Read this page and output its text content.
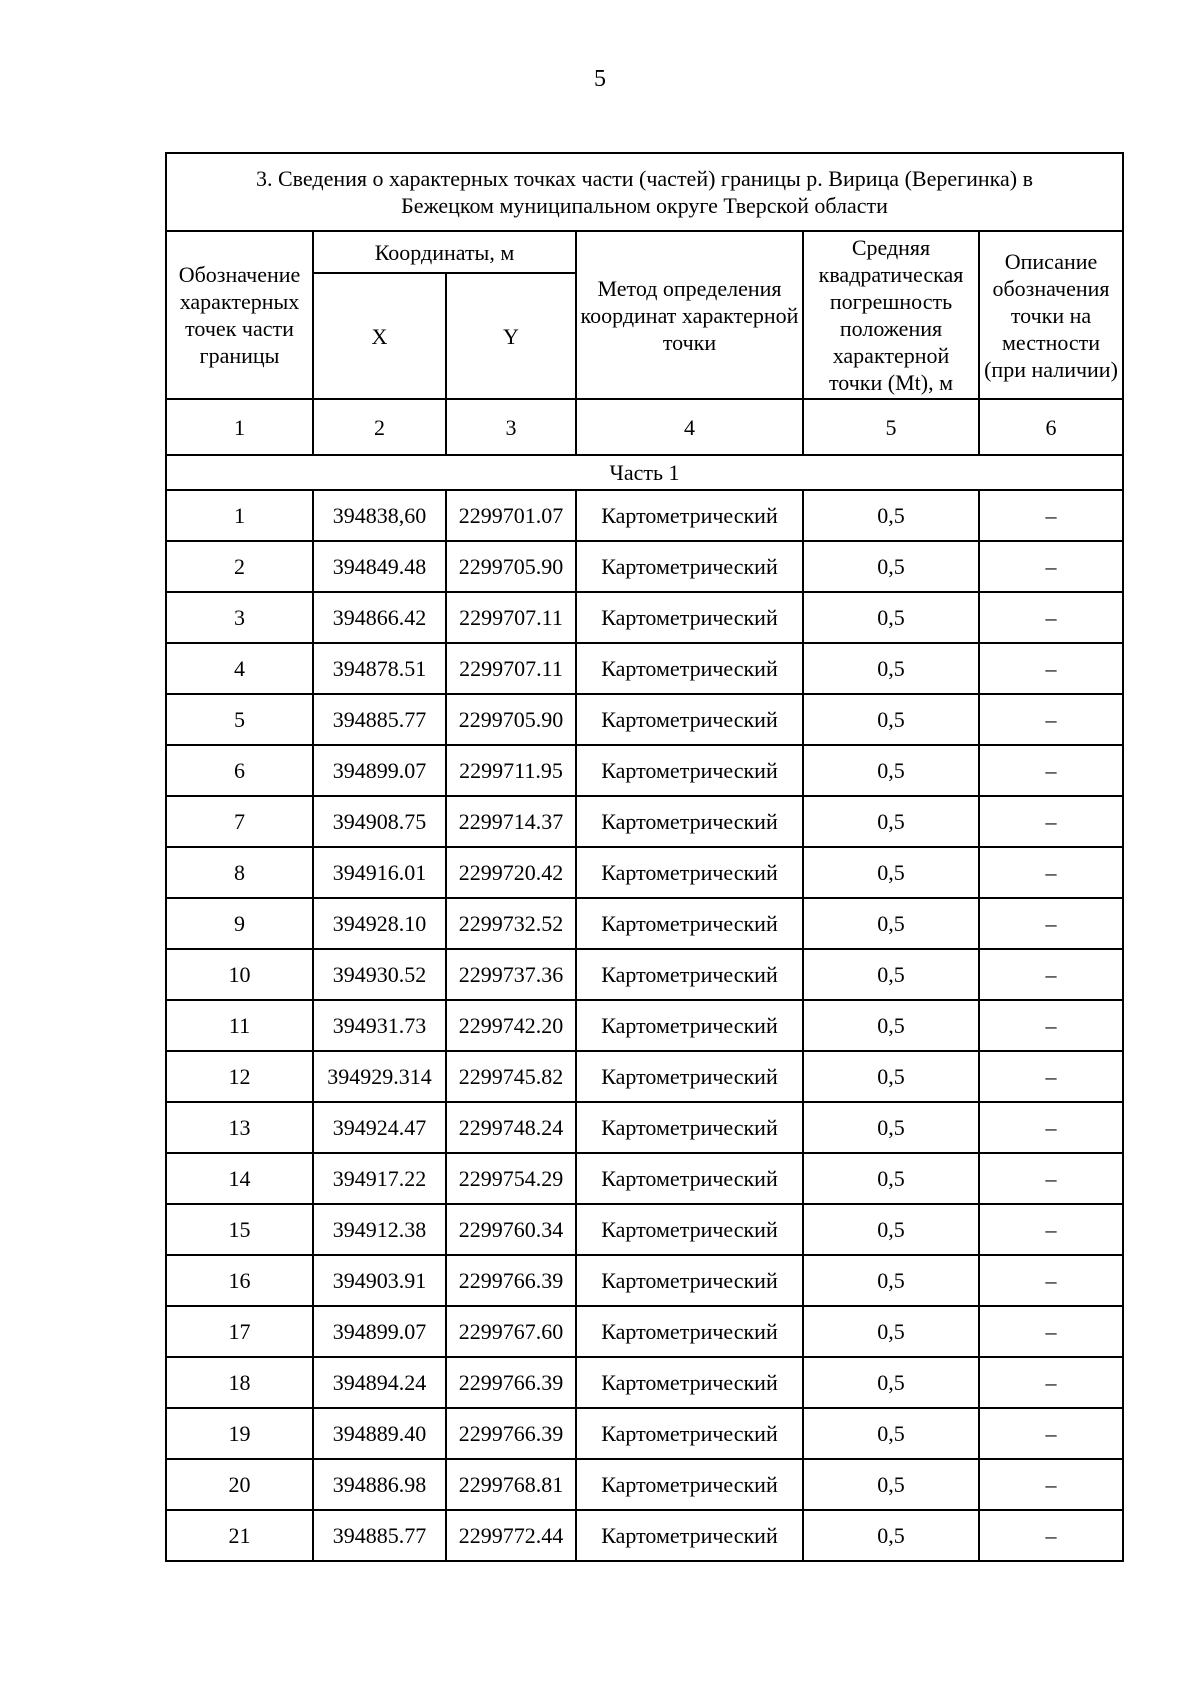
5
3. Сведения о характерных точках части (частей) границы р. Вирица (Верегинка) в
Бежецком муниципальном округе Тверской области					

Обозначение характерных точек части границы	Координаты, м		Метод определения координат характерной точки	Средняя квадратическая погрешность положения характерной точки (Mt), м	Описание обозначения точки на местности (при наличии)
	X	Y			
1	2	3	4	5	6
Часть 1					
1	394838,60	2299701.07	Картометрический	0,5	–
2	394849.48	2299705.90	Картометрический	0,5	–
3	394866.42	2299707.11	Картометрический	0,5	–
4	394878.51	2299707.11	Картометрический	0,5	–
5	394885.77	2299705.90	Картометрический	0,5	–
6	394899.07	2299711.95	Картометрический	0,5	–
7	394908.75	2299714.37	Картометрический	0,5	–
8	394916.01	2299720.42	Картометрический	0,5	–
9	394928.10	2299732.52	Картометрический	0,5	–
10	394930.52	2299737.36	Картометрический	0,5	–
11	394931.73	2299742.20	Картометрический	0,5	–
12	394929.314	2299745.82	Картометрический	0,5	–
13	394924.47	2299748.24	Картометрический	0,5	–
14	394917.22	2299754.29	Картометрический	0,5	–
15	394912.38	2299760.34	Картометрический	0,5	–
16	394903.91	2299766.39	Картометрический	0,5	–
17	394899.07	2299767.60	Картометрический	0,5	–
18	394894.24	2299766.39	Картометрический	0,5	–
19	394889.40	2299766.39	Картометрический	0,5	–
20	394886.98	2299768.81	Картометрический	0,5	–
21	394885.77	2299772.44	Картометрический	0,5	–
